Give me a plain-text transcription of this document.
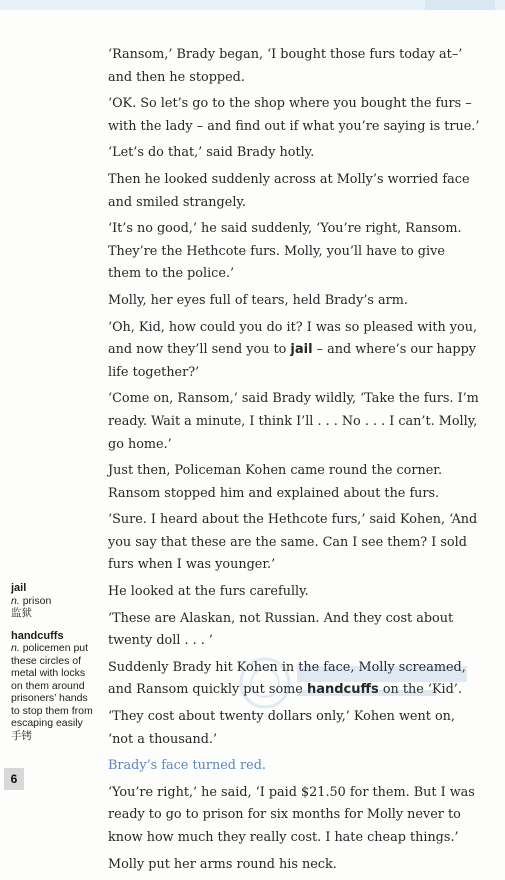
‘Ransom,’ Brady began, ‘I bought those furs today at–’ and then he stopped.

‘OK. So let’s go to the shop where you bought the furs – with the lady – and find out if what you’re saying is true.’

‘Let’s do that,’ said Brady hotly.

Then he looked suddenly across at Molly’s worried face and smiled strangely.

‘It’s no good,’ he said suddenly, ‘You’re right, Ransom. They’re the Hethcote furs. Molly, you’ll have to give them to the police.’

Molly, her eyes full of tears, held Brady’s arm.

‘Oh, Kid, how could you do it? I was so pleased with you, and now they’ll send you to jail – and where’s our happy life together?’

‘Come on, Ransom,’ said Brady wildly, ‘Take the furs. I’m ready. Wait a minute, I think I’ll . . . No . . . I can’t. Molly, go home.’

Just then, Policeman Kohen came round the corner. Ransom stopped him and explained about the furs.

‘Sure. I heard about the Hethcote furs,’ said Kohen, ‘And you say that these are the same. Can I see them? I sold furs when I was younger.’

He looked at the furs carefully.

‘These are Alaskan, not Russian. And they cost about twenty doll . . . ’

Suddenly Brady hit Kohen in the face, Molly screamed, and Ransom quickly put some handcuffs on the ‘Kid’.

‘They cost about twenty dollars only,’ Kohen went on, ‘not a thousand.’

Brady’s face turned red.

‘You’re right,’ he said, ‘I paid $21.50 for them. But I was ready to go to prison for six months for Molly never to know how much they really cost. I hate cheap things.’

Molly put her arms round his neck.

jail
n. prison
监狱
handcuffs
n. policemen put these circles of metal with locks on them around prisoners’ hands to stop them from escaping easily
手铐
6
